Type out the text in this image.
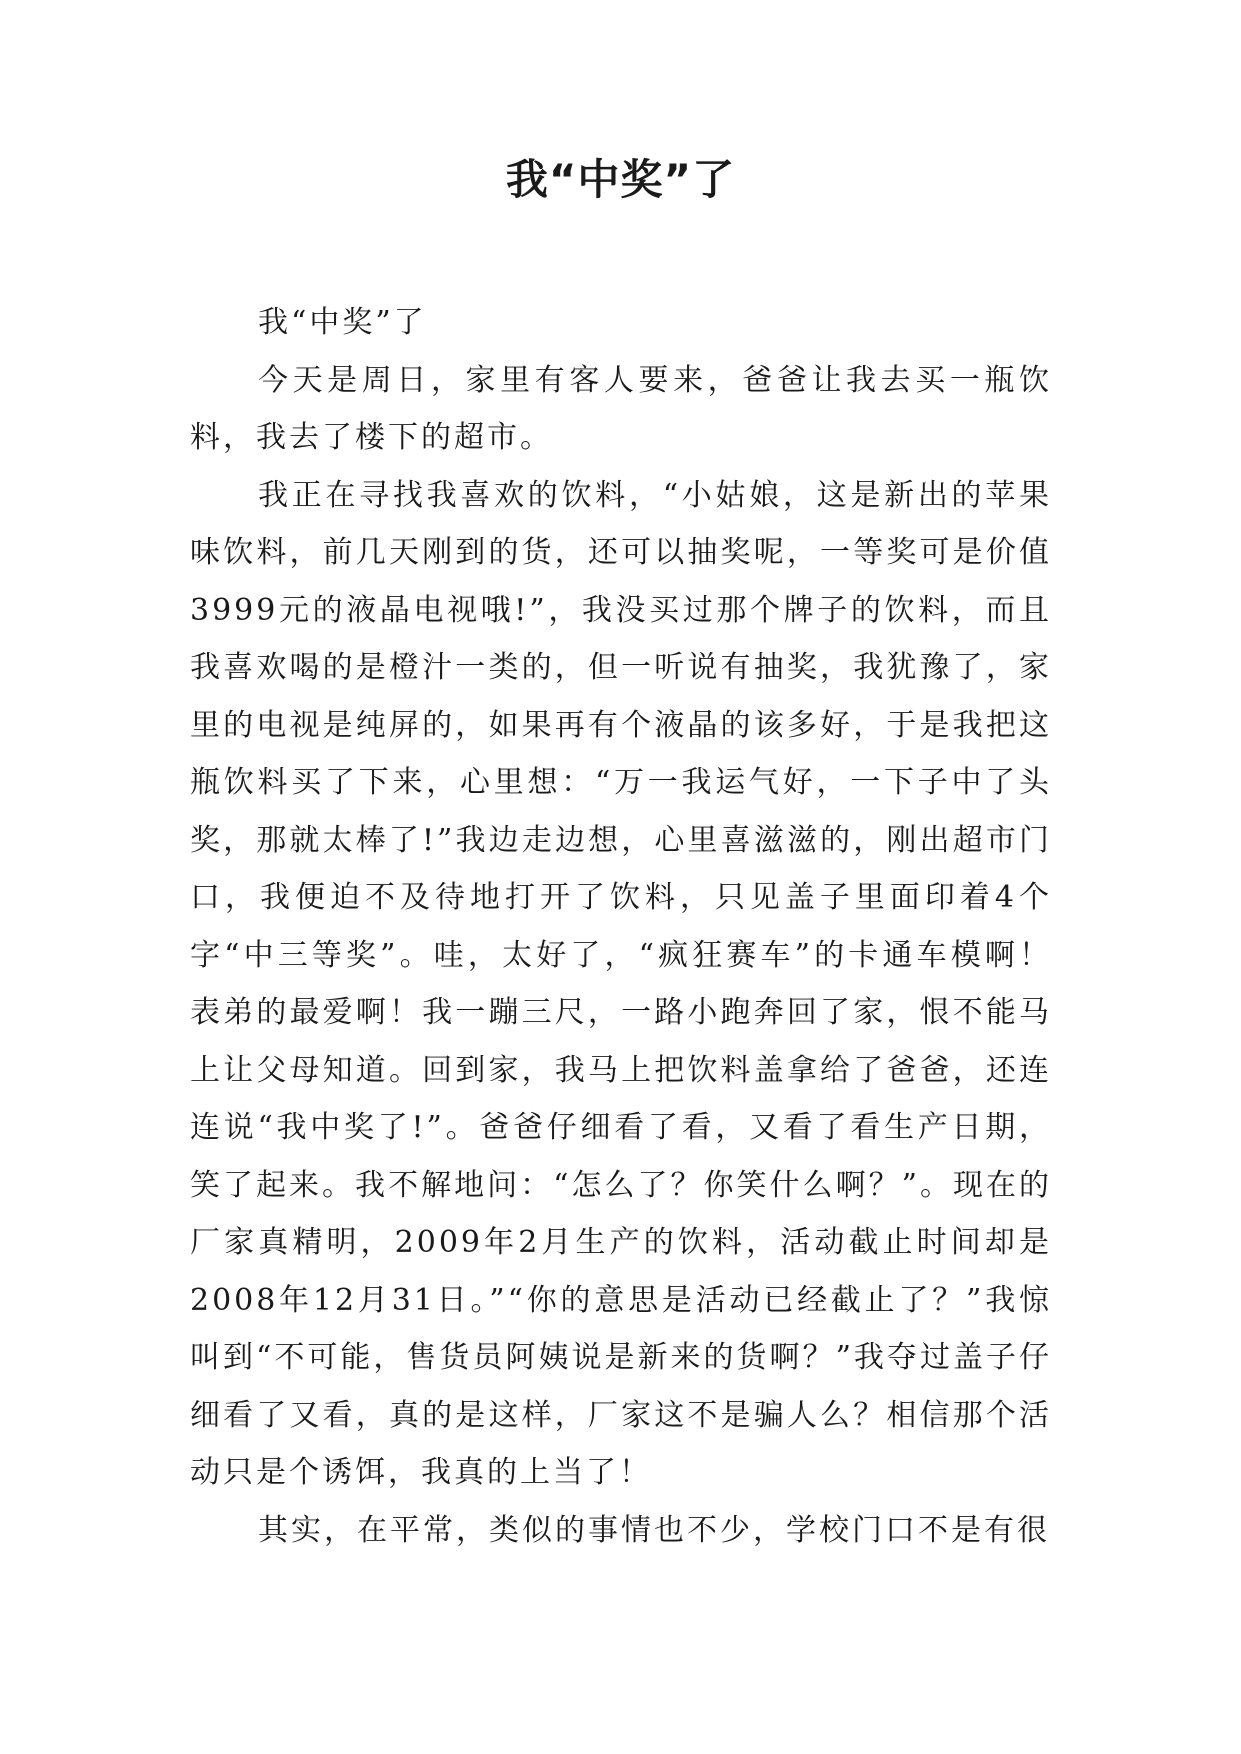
我“中奖”了

我“中奖”了

今天是周日，家里有客人要来，爸爸让我去买一瓶饮料，我去了楼下的超市。

我正在寻找我喜欢的饮料，“小姑娘，这是新出的苹果味饮料，前几天刚到的货，还可以抽奖呢，一等奖可是价值3999元的液晶电视哦!”，我没买过那个牌子的饮料，而且我喜欢喝的是橙汁一类的，但一听说有抽奖，我犹豫了，家里的电视是纯屏的，如果再有个液晶的该多好，于是我把这瓶饮料买了下来，心里想：“万一我运气好，一下子中了头奖，那就太棒了!”我边走边想，心里喜滋滋的，刚出超市门口，我便迫不及待地打开了饮料，只见盖子里面印着4个字“中三等奖”。哇，太好了，“疯狂赛车”的卡通车模啊！表弟的最爱啊！我一蹦三尺，一路小跑奔回了家，恨不能马上让父母知道。回到家，我马上把饮料盖拿给了爸爸，还连连说“我中奖了!”。爸爸仔细看了看，又看了看生产日期，笑了起来。我不解地问：“怎么了？你笑什么啊？”。现在的厂家真精明，2009年2月生产的饮料，活动截止时间却是2008年12月31日。”“你的意思是活动已经截止了？”我惊叫到“不可能，售货员阿姨说是新来的货啊？”我夺过盖子仔细看了又看，真的是这样，厂家这不是骗人么？相信那个活动只是个诱饵，我真的上当了！

其实，在平常，类似的事情也不少，学校门口不是有很
